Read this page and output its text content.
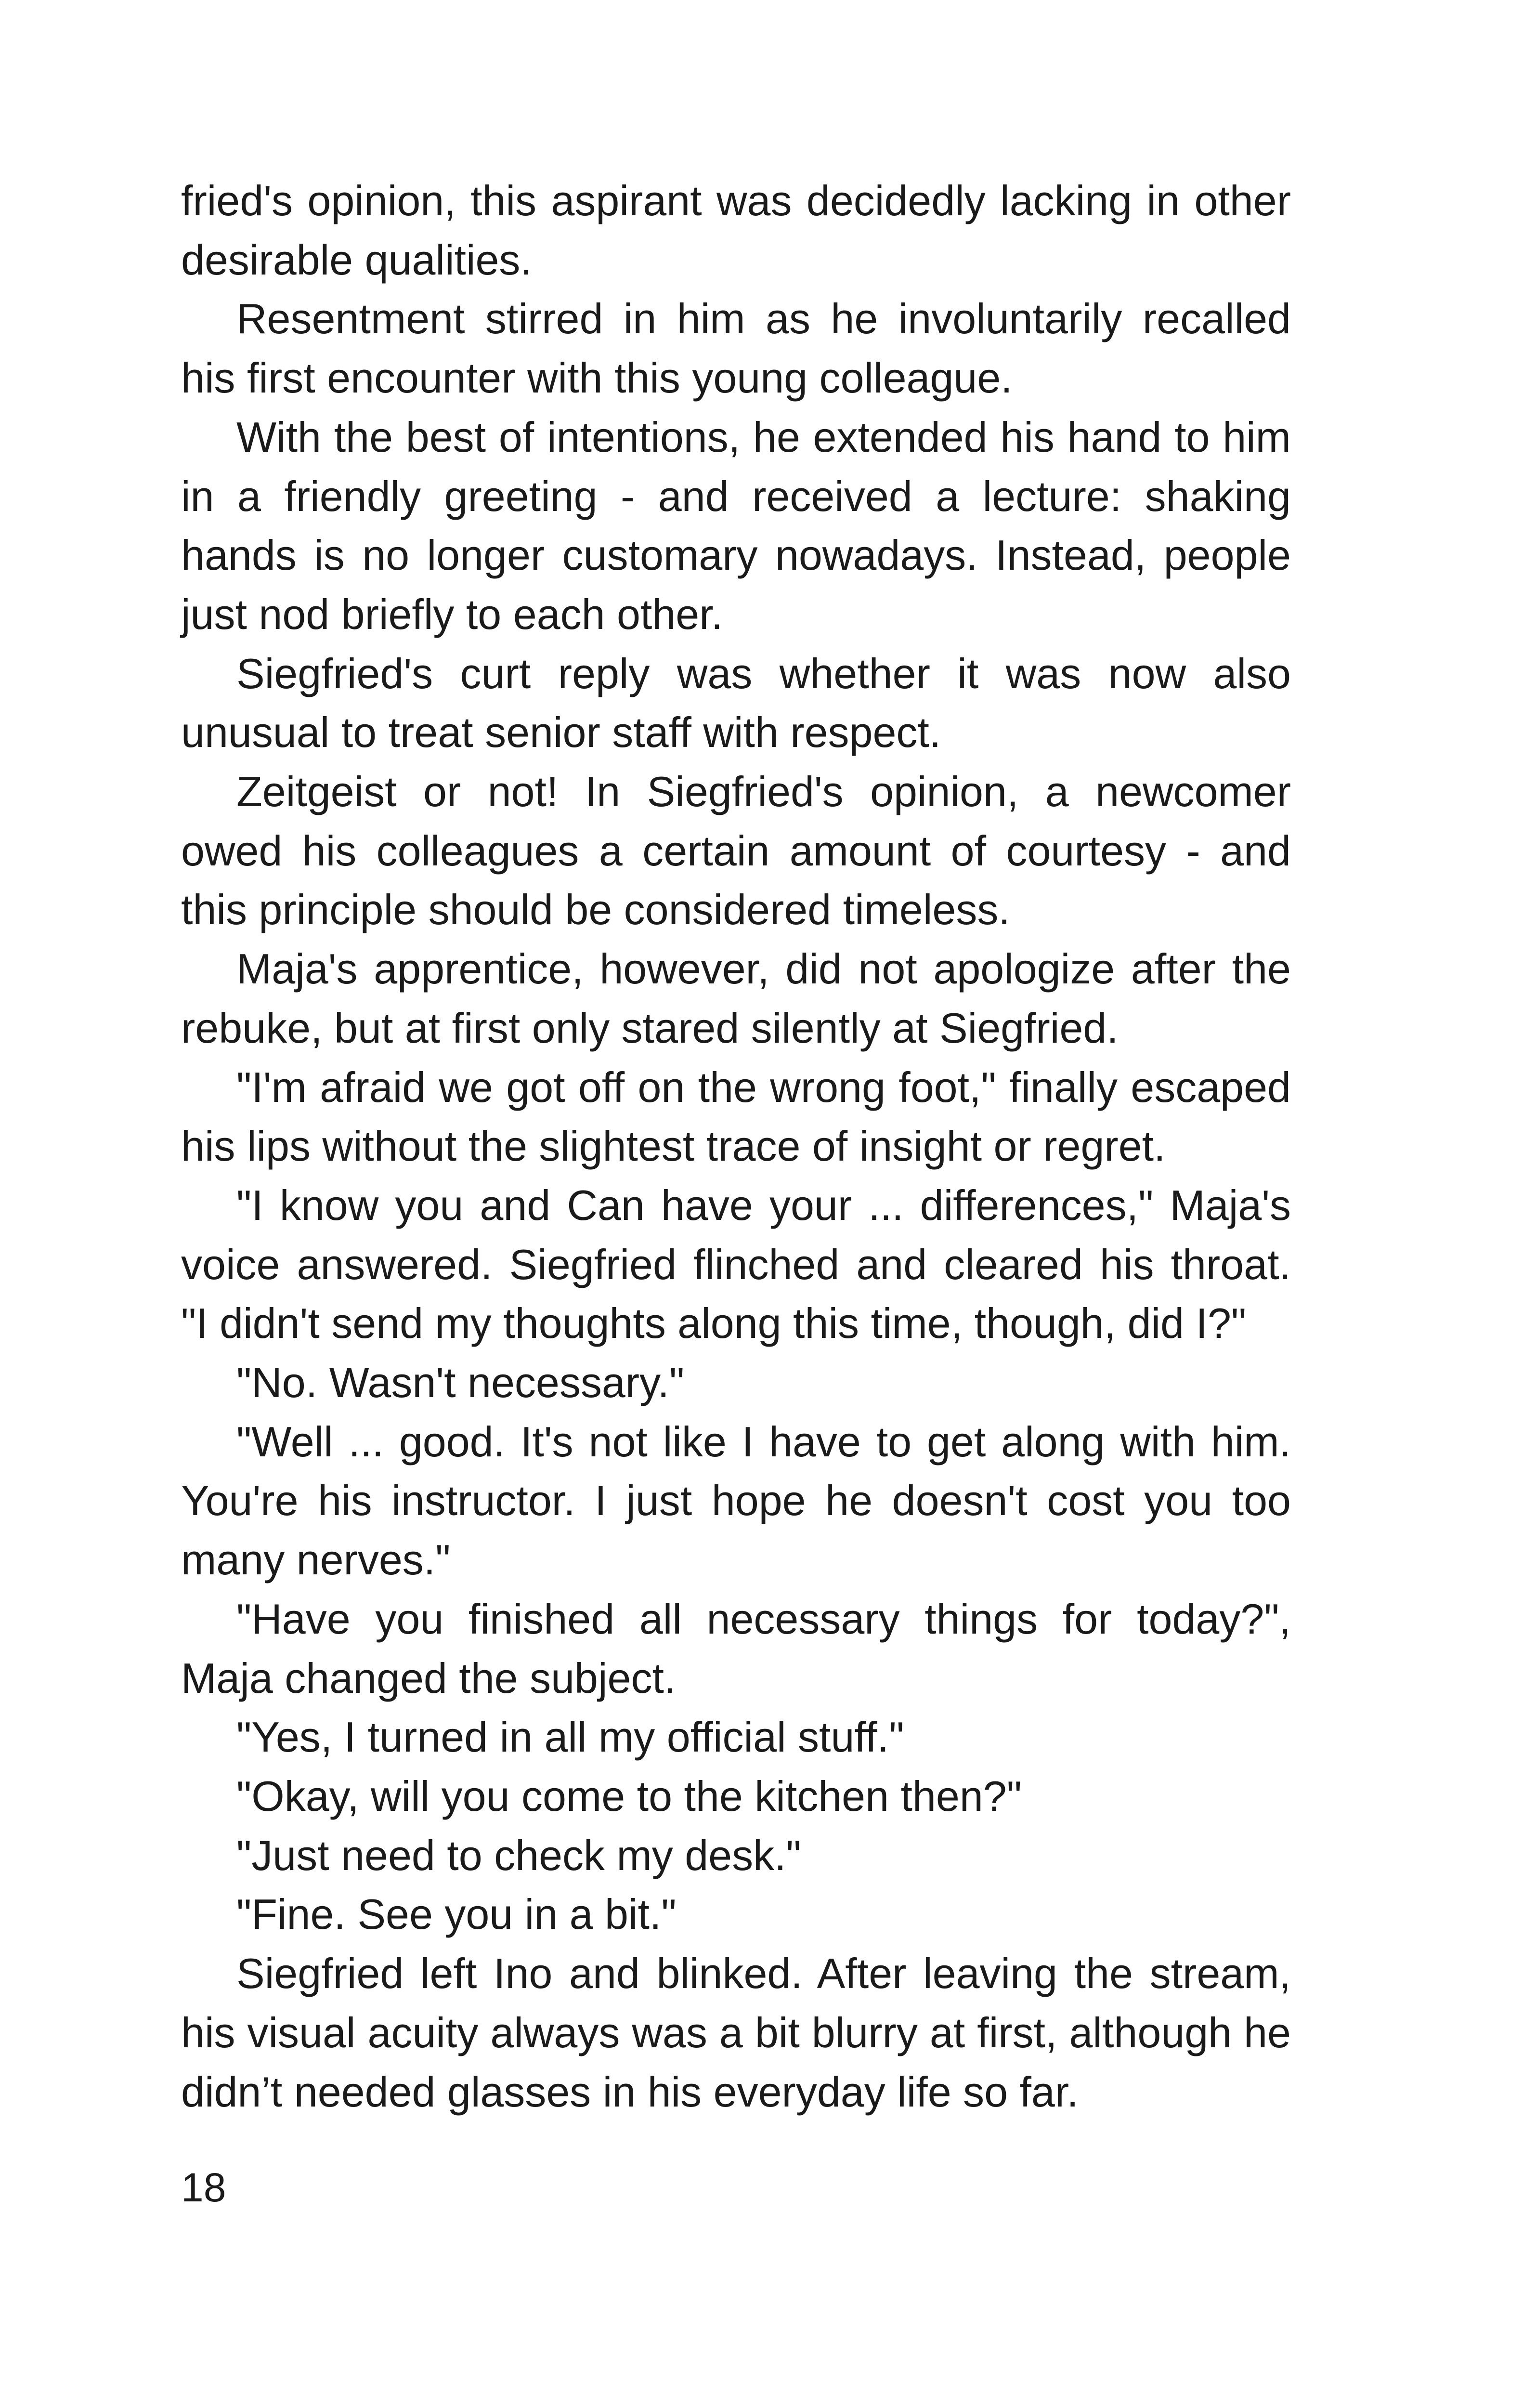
fried's opinion, this aspirant was decidedly lacking in other desirable qualities.

Resentment stirred in him as he involuntarily recalled his first encounter with this young colleague.

With the best of intentions, he extended his hand to him in a friendly greeting - and received a lecture: shaking hands is no longer customary nowadays. Instead, people just nod briefly to each other.

Siegfried's curt reply was whether it was now also unusual to treat senior staff with respect.

Zeitgeist or not! In Siegfried's opinion, a newcomer owed his colleagues a certain amount of courtesy - and this principle should be considered timeless.

Maja's apprentice, however, did not apologize after the rebuke, but at first only stared silently at Siegfried.

"I'm afraid we got off on the wrong foot," finally escaped his lips without the slightest trace of insight or regret.

"I know you and Can have your ... differences," Maja's voice answered. Siegfried flinched and cleared his throat. "I didn't send my thoughts along this time, though, did I?"

"No. Wasn't necessary."

"Well ... good. It's not like I have to get along with him. You're his instructor. I just hope he doesn't cost you too many nerves."

"Have you finished all necessary things for today?", Maja changed the subject.

"Yes, I turned in all my official stuff."

"Okay, will you come to the kitchen then?"

"Just need to check my desk."

"Fine. See you in a bit."

Siegfried left Ino and blinked. After leaving the stream, his visual acuity always was a bit blurry at first, although he didn’t needed glasses in his everyday life so far.

18
